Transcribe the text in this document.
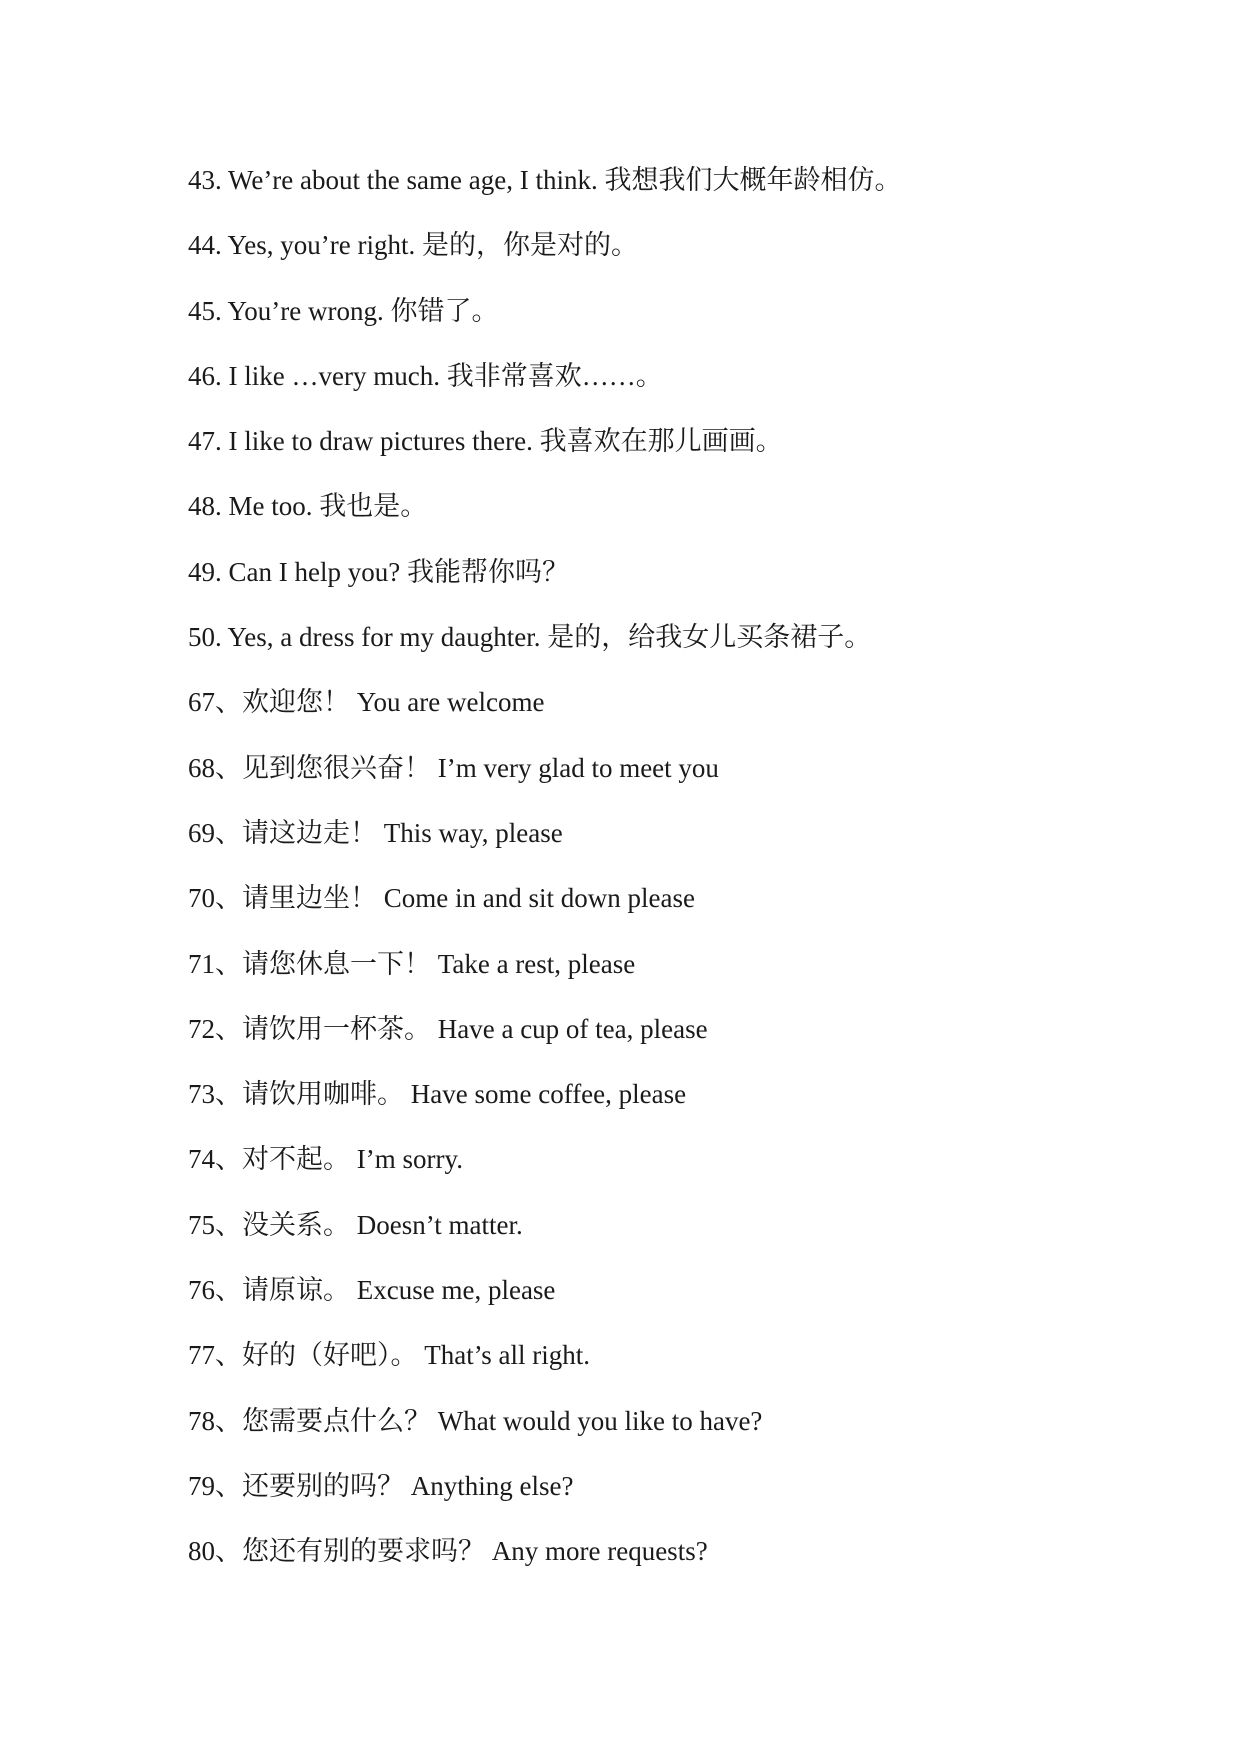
43. We’re about the same age, I think. 我想我们大概年龄相仿。
44. Yes, you’re right. 是的，你是对的。
45. You’re wrong. 你错了。
46. I like …very much. 我非常喜欢……。
47. I like to draw pictures there. 我喜欢在那儿画画。
48. Me too. 我也是。
49. Can I help you? 我能帮你吗？
50. Yes, a dress for my daughter. 是的，给我女儿买条裙子。
67、欢迎您！ You are welcome
68、见到您很兴奋！ I’m very glad to meet you
69、请这边走！ This way, please
70、请里边坐！ Come in and sit down please
71、请您休息一下！ Take a rest, please
72、请饮用一杯茶。 Have a cup of tea, please
73、请饮用咖啡。 Have some coffee, please
74、对不起。 I’m sorry.
75、没关系。 Doesn’t matter.
76、请原谅。 Excuse me, please
77、好的（好吧）。 That’s all right.
78、您需要点什么？ What would you like to have?
79、还要别的吗？ Anything else?
80、您还有别的要求吗？ Any more requests?
